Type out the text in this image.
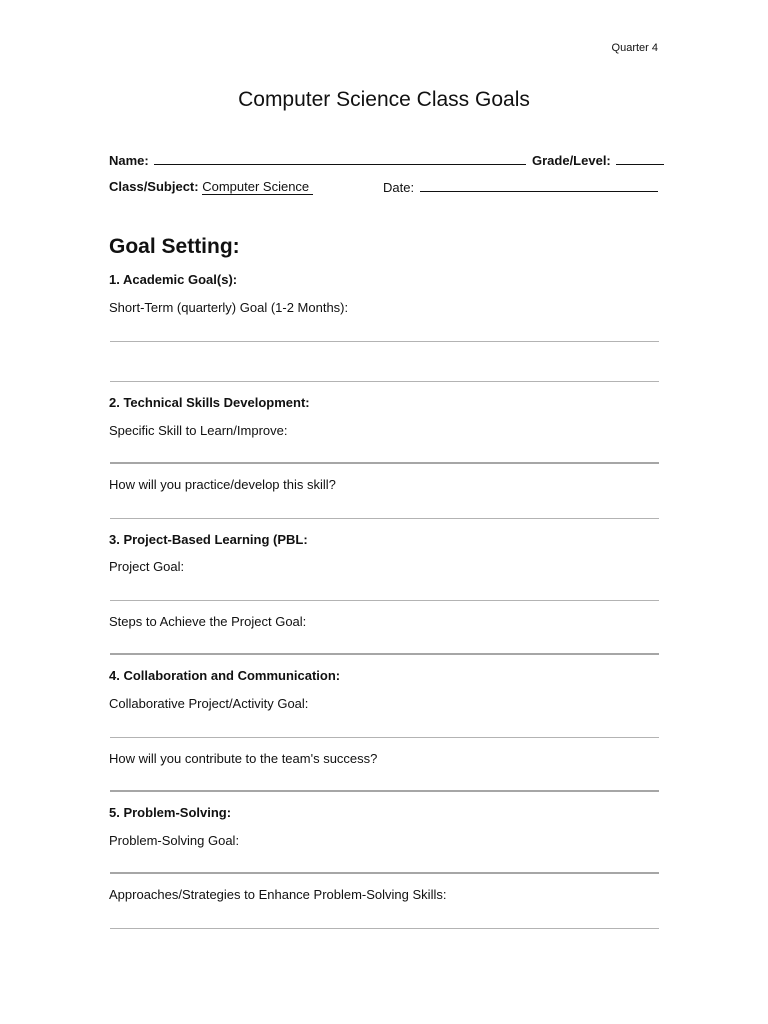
Quarter 4
Computer Science Class Goals
Name:	Grade/Level:
Class/Subject: Computer Science	Date:
Goal Setting:
1. Academic Goal(s):
Short-Term (quarterly) Goal (1-2 Months):
2. Technical Skills Development:
Specific Skill to Learn/Improve:
How will you practice/develop this skill?
3. Project-Based Learning (PBL:
Project Goal:
Steps to Achieve the Project Goal:
4. Collaboration and Communication:
Collaborative Project/Activity Goal:
How will you contribute to the team's success?
5. Problem-Solving:
Problem-Solving Goal:
Approaches/Strategies to Enhance Problem-Solving Skills:
